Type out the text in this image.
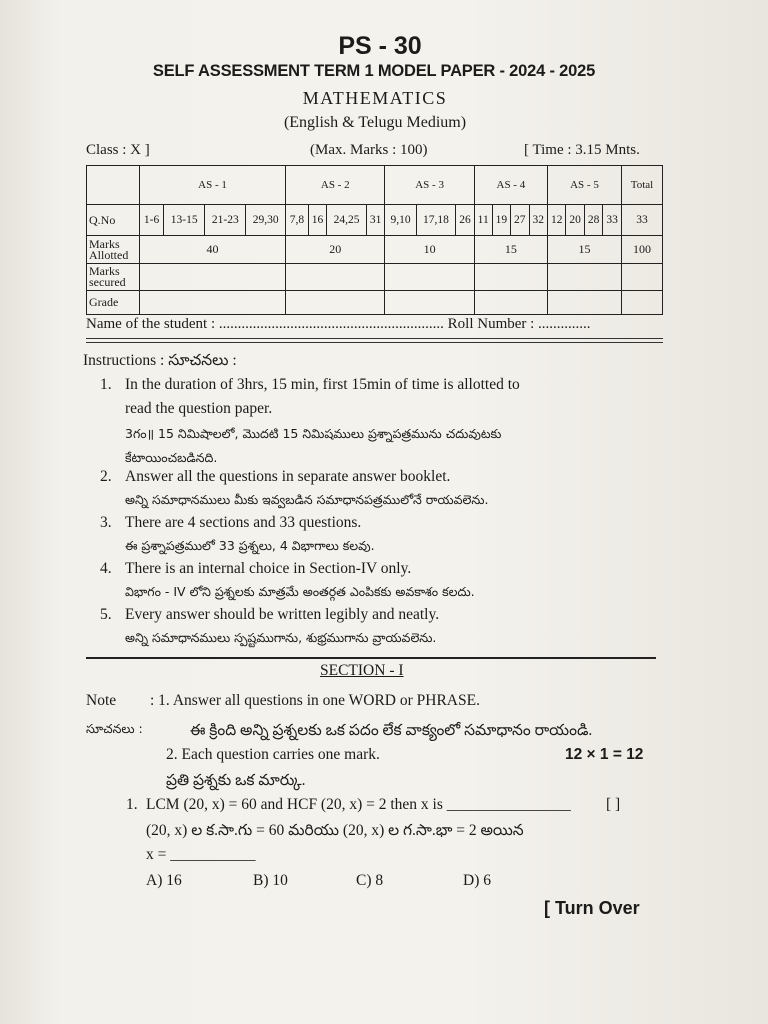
PS - 30
SELF ASSESSMENT TERM 1 MODEL PAPER - 2024 - 2025
MATHEMATICS
(English & Telugu Medium)
Class : X ]	(Max. Marks : 100)	[ Time : 3.15 Mnts.
	AS - 1				AS - 2				AS - 3			AS - 4				AS - 5				Total
Q.No	1-6	13-15	21-23	29,30	7,8	16	24,25	31	9,10	17,18	26	11	19	27	32	12	20	28	33	33
Marks Allotted	40				20				10			15				15				100
Marks secured																				
Grade																				
Name of the student : ............................................................ Roll Number : ..............
Instructions : సూచనలు :
1. In the duration of 3hrs, 15 min, first 15min of time is allotted to
read the question paper.
3గం॥ 15 నిమిషాలలో, మొదటి 15 నిమిషములు ప్రశ్నాపత్రమును చదువుటకు
కేటాయించబడినది.
2. Answer all the questions in separate answer booklet.
అన్ని సమాధానములు మీకు ఇవ్వబడిన సమాధానపత్రములోనే రాయవలెను.
3. There are 4 sections and 33 questions.
ఈ ప్రశ్నాపత్రములో 33 ప్రశ్నలు, 4 విభాగాలు కలవు.
4. There is an internal choice in Section-IV only.
విభాగం - IV లోని ప్రశ్నలకు మాత్రమే అంతర్గత ఎంపికకు అవకాశం కలదు.
5. Every answer should be written legibly and neatly.
అన్ని సమాధానములు స్పష్టముగాను, శుభ్రముగాను వ్రాయవలెను.
SECTION - I
Note : 1. Answer all questions in one WORD or PHRASE.
సూచనలు :	ఈ క్రింది అన్ని ప్రశ్నలకు ఒక పదం లేక వాక్యంలో సమాధానం రాయండి.
2. Each question carries one mark.	12 × 1 = 12
ప్రతి ప్రశ్నకు ఒక మార్కు.
1. LCM (20, x) = 60 and HCF (20, x) = 2 then x is ________________ [ ]
(20, x) ల క.సా.గు = 60 మరియు (20, x) ల గ.సా.భా = 2 అయిన
x = ___________
A) 16	B) 10	C) 8	D) 6
[ Turn Over
